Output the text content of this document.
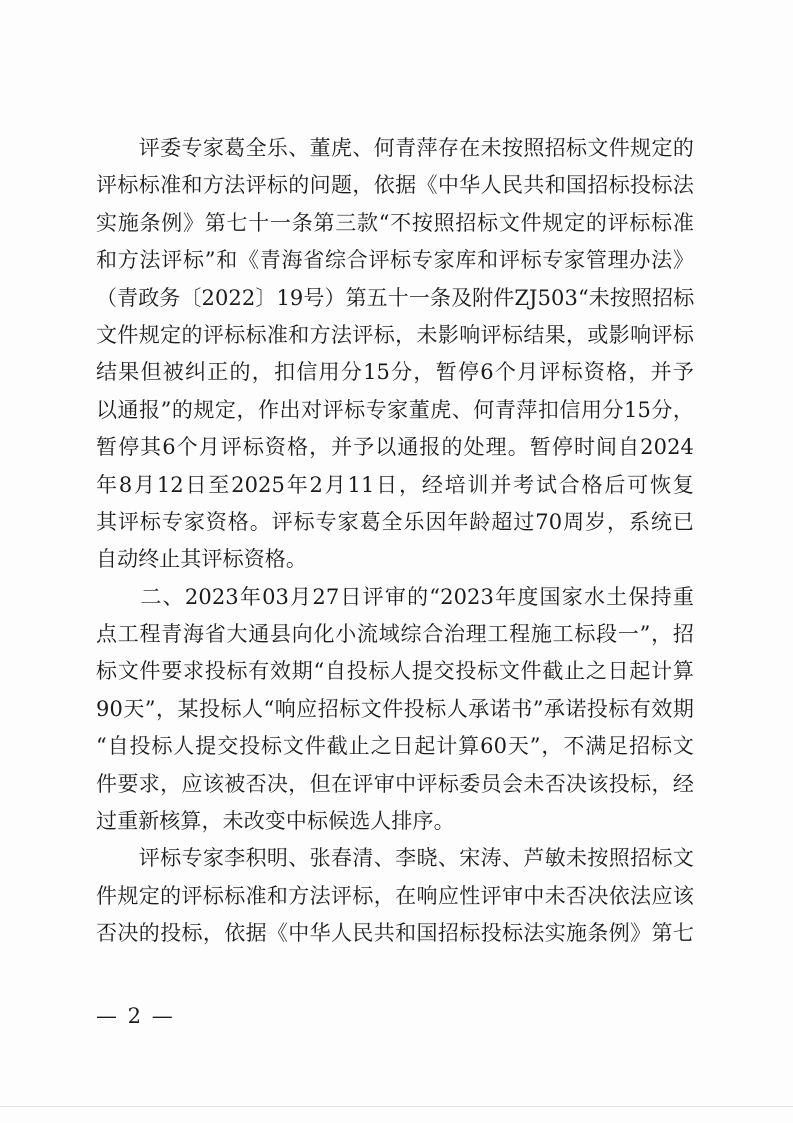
　　评委专家葛全乐、董虎、何青萍存在未按照招标文件规定的
评标标准和方法评标的问题，依据《中华人民共和国招标投标法
实施条例》第七十一条第三款“不按照招标文件规定的评标标准
和方法评标”和《青海省综合评标专家库和评标专家管理办法》
（青政务〔2022〕19号）第五十一条及附件ZJ503“未按照招标
文件规定的评标标准和方法评标，未影响评标结果，或影响评标
结果但被纠正的，扣信用分15分，暂停6个月评标资格，并予
以通报”的规定，作出对评标专家董虎、何青萍扣信用分15分，
暂停其6个月评标资格，并予以通报的处理。暂停时间自2024
年8月12日至2025年2月11日，经培训并考试合格后可恢复
其评标专家资格。评标专家葛全乐因年龄超过70周岁，系统已
自动终止其评标资格。
　　二、2023年03月27日评审的“2023年度国家水土保持重
点工程青海省大通县向化小流域综合治理工程施工标段一”，招
标文件要求投标有效期“自投标人提交投标文件截止之日起计算
90天”，某投标人“响应招标文件投标人承诺书”承诺投标有效期
“自投标人提交投标文件截止之日起计算60天”，不满足招标文
件要求，应该被否决，但在评审中评标委员会未否决该投标，经
过重新核算，未改变中标候选人排序。
　　评标专家李积明、张春清、李晓、宋涛、芦敏未按照招标文
件规定的评标标准和方法评标，在响应性评审中未否决依法应该
否决的投标，依据《中华人民共和国招标投标法实施条例》第七
— 2 —
